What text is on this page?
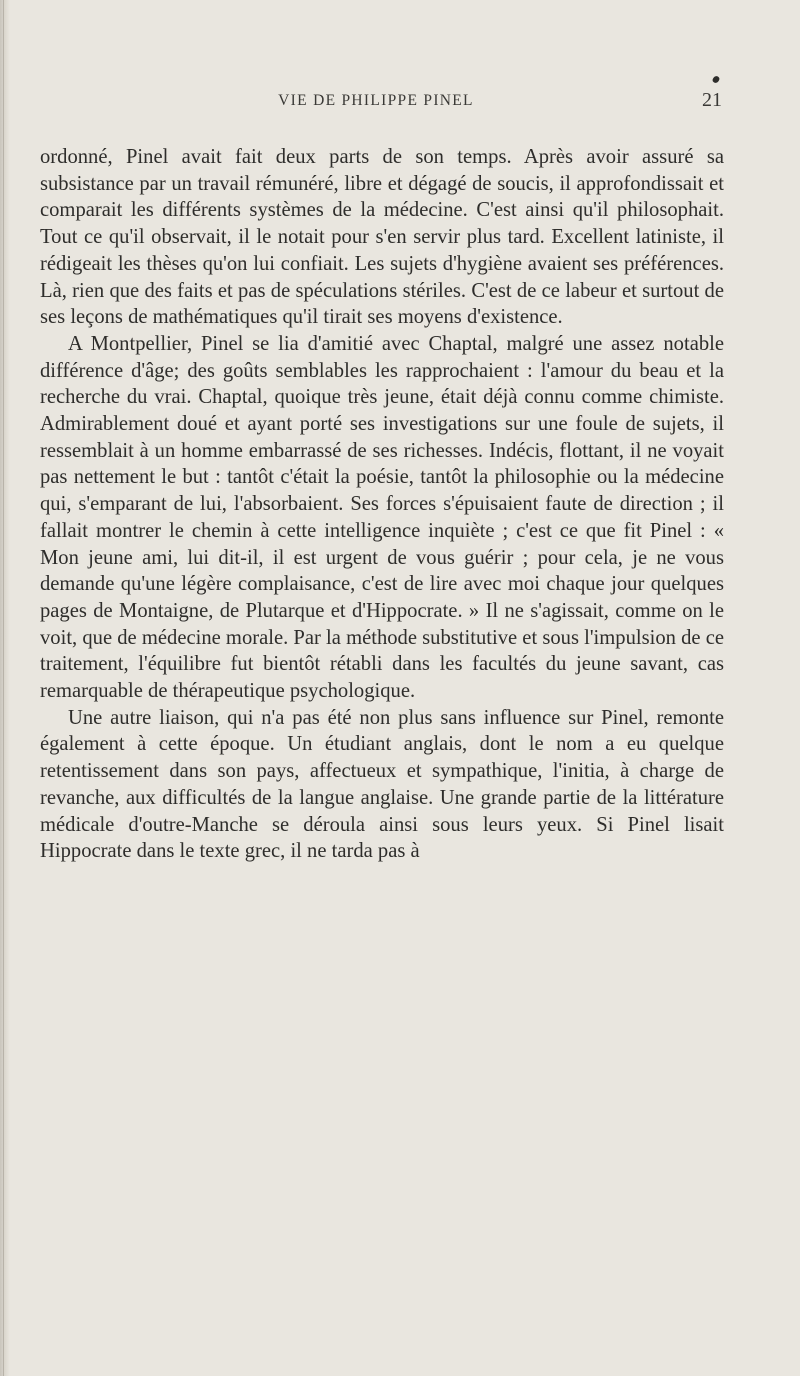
VIE DE PHILIPPE PINEL	21

ordonné, Pinel avait fait deux parts de son temps. Après avoir assuré sa subsistance par un travail rémunéré, libre et dégagé de soucis, il approfondissait et comparait les différents systèmes de la médecine. C'est ainsi qu'il philosophait. Tout ce qu'il observait, il le notait pour s'en servir plus tard. Excellent latiniste, il rédigeait les thèses qu'on lui confiait. Les sujets d'hygiène avaient ses préférences. Là, rien que des faits et pas de spéculations stériles. C'est de ce labeur et surtout de ses leçons de mathématiques qu'il tirait ses moyens d'existence.

A Montpellier, Pinel se lia d'amitié avec Chaptal, malgré une assez notable différence d'âge; des goûts semblables les rapprochaient : l'amour du beau et la recherche du vrai. Chaptal, quoique très jeune, était déjà connu comme chimiste. Admirablement doué et ayant porté ses investigations sur une foule de sujets, il ressemblait à un homme embarrassé de ses richesses. Indécis, flottant, il ne voyait pas nettement le but : tantôt c'était la poésie, tantôt la philosophie ou la médecine qui, s'emparant de lui, l'absorbaient. Ses forces s'épuisaient faute de direction ; il fallait montrer le chemin à cette intelligence inquiète ; c'est ce que fit Pinel : « Mon jeune ami, lui dit-il, il est urgent de vous guérir ; pour cela, je ne vous demande qu'une légère complaisance, c'est de lire avec moi chaque jour quelques pages de Montaigne, de Plutarque et d'Hippocrate. » Il ne s'agissait, comme on le voit, que de médecine morale. Par la méthode substitutive et sous l'impulsion de ce traitement, l'équilibre fut bientôt rétabli dans les facultés du jeune savant, cas remarquable de thérapeutique psychologique.

Une autre liaison, qui n'a pas été non plus sans influence sur Pinel, remonte également à cette époque. Un étudiant anglais, dont le nom a eu quelque retentissement dans son pays, affectueux et sympathique, l'initia, à charge de revanche, aux difficultés de la langue anglaise. Une grande partie de la littérature médicale d'outre-Manche se déroula ainsi sous leurs yeux. Si Pinel lisait Hippocrate dans le texte grec, il ne tarda pas à
